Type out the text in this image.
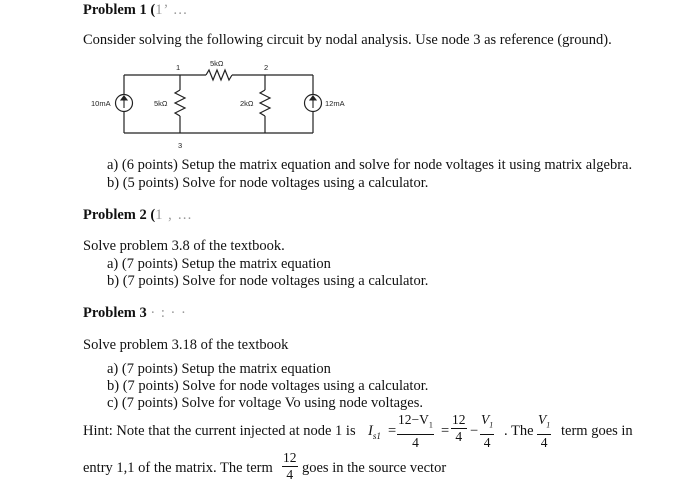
Problem 1 (1’ …
Consider solving the following circuit by nodal analysis. Use node 3 as reference (ground).
1	2
3
5kΩ
5kΩ	2kΩ
10mA	12mA
a) (6 points) Setup the matrix equation and solve for node voltages it using matrix algebra.
b) (5 points) Solve for node voltages using a calculator.
Problem 2 (1 , …
Solve problem 3.8 of the textbook.
a) (7 points) Setup the matrix equation
b) (7 points) Solve for node voltages using a calculator.
Problem 3 · : · ·
Solve problem 3.18 of the textbook
a) (7 points) Setup the matrix equation
b) (7 points) Solve for node voltages using a calculator.
c) (7 points) Solve for voltage Vo using node voltages.
Hint: Note that the current injected at node 1 is $I_{s1} = \frac{12-V_1}{4} = \frac{12}{4} - \frac{V_1}{4}$ . The $\frac{V_1}{4}$ term goes in
entry 1,1 of the matrix. The term $\frac{12}{4}$ goes in the source vector
